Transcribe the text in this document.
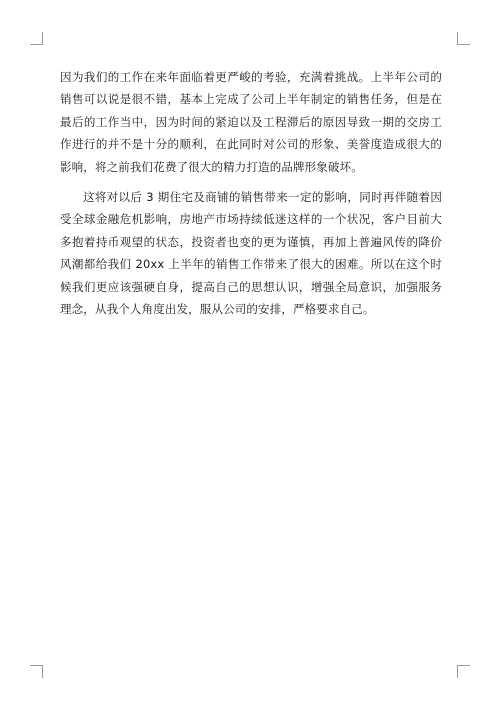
因为我们的工作在来年面临着更严峻的考验，充满着挑战。上半年公司的销售可以说是很不错，基本上完成了公司上半年制定的销售任务，但是在最后的工作当中，因为时间的紧迫以及工程滞后的原因导致一期的交房工作进行的并不是十分的顺利，在此同时对公司的形象、美誉度造成很大的影响，将之前我们花费了很大的精力打造的品牌形象破坏。

这将对以后 3 期住宅及商铺的销售带来一定的影响，同时再伴随着因受全球金融危机影响，房地产市场持续低迷这样的一个状况，客户目前大多抱着持币观望的状态，投资者也变的更为谨慎，再加上普遍风传的降价风潮都给我们 20xx 上半年的销售工作带来了很大的困难。所以在这个时候我们更应该强硬自身，提高自己的思想认识，增强全局意识，加强服务理念，从我个人角度出发，服从公司的安排，严格要求自己。
